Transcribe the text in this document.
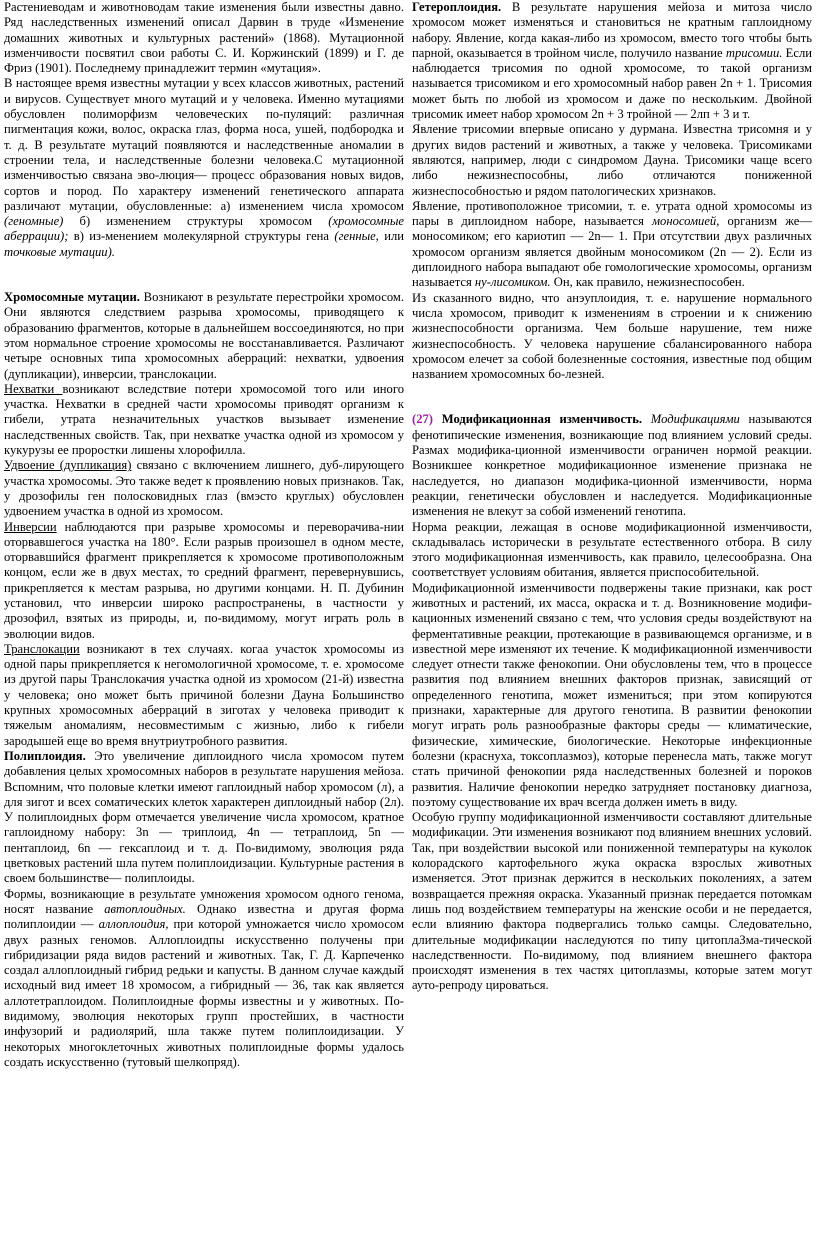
Растениеводам и животноводам такие изменения были известны давно. Ряд наследственных изменений описал Дарвин в труде «Изменение домашних животных и культурных растений» (1868). Мутационной изменчивости посвятил свои работы С. И. Коржинский (1899) и Г. де Фриз (1901). Последнему принадлежит термин «мутация».

В настоящее время известны мутации у всех классов животных, растений и вирусов. Существует много мутаций и у человека. Именно мутациями обусловлен полиморфизм человеческих по-пуляций: различная пигментация кожи, волос, окраска глаз, форма носа, ушей, подбородка и т. д. В результате мутаций появляются и наследственные аномалии в строении тела, и наследственные болезни человека.С мутационной изменчивостью связана эво-люция— процесс образования новых видов, сортов и пород. По характеру изменений генетического аппарата различают мутации, обусловленные: а) изменением числа хромосом (геномные) б) изменением структуры хромосом (хромосомные аберрации); в) из-менением молекулярной структуры гена (генные, или точковые мутации).

Хромосомные мутации. Возникают в результате перестройки хромосом. Они являются следствием разрыва хромосомы, приводящего к образованию фрагментов, которые в дальнейшем воссоединяются, но при этом нормальное строение хромосомы не восстанавливается. Различают четыре основных типа хромосомных аберраций: нехватки, удвоения (дупликации), инверсии, транслокации.

Нехватки возникают вследствие потери хромосомой того или иного участка. Нехватки в средней части хромосомы приводят организм к гибели, утрата незначительных участков вызывает изменение наследственных свойств. Так, при нехватке участка одной из хромосом у кукурузы ее проростки лишены хлорофилла.

Удвоение (дупликация) связано с включением лишнего, дуб-лирующего участка хромосомы. Это также ведет к проявлению новых признаков. Так, у дрозофилы ген полосковидных глаз (вмэсто круглых) обусловлен удвоением участка в одной из хромосом.

Инверсии наблюдаются при разрыве хромосомы и переворачива-нии оторвавшегося участка на 180°. Если разрыв произошел в одном месте, оторвавшийся фрагмент прикрепляется к хромосоме противоположным концом, если же в двух местах, то средний фрагмент, перевернувшись, прикрепляется к местам разрыва, но другими концами. Н. П. Дубинин установил, что инверсии широко распространены, в частности у дрозофил, взятых из природы, и, по-видимому, могут играть роль в эволюции видов.

Транслокации возникают в тех случаях. когаа участок хромосомы из одной пары прикрепляется к негомологичной хромосоме, т. е. хромосоме из другой пары Транслокачия участка одной из хромосом (21-й) известна у человека; оно может быть причиной болезни Дауна Большинство крупных хромосомных аберраций в зиготах у человека приводит к тяжелым аномалиям, несовместимым с жизнью, либо к гибели зародышей еще во время внутриутробного развития.

Полиплоидия. Это увеличение диплоидного числа хромосом путем добавления целых хромосомных наборов в результате нарушения мейоза. Вспомним, что половые клетки имеют гаплоидный набор хромосом (л), а для зигот и всех соматических клеток характерен диплоидный набор (2л). У полиплоидных форм отмечается увеличение числа хромосом, кратное гаплоидному набору: 3n — триплоид, 4n — тетраплоид, 5n — пентаплоид, 6n — гексаплоид и т. д. По-видимому, эволюция ряда цветковых растений шла путем полиплоидизации. Культурные растения в своем большинстве— полиплоиды.

Формы, возникающие в результате умножения хромосом одного генома, носят название автоплоидных. Однако известна и другая форма полиплоидии — аллоплоидия, при которой умножается число хромосом двух разных геномов. Аллоплоидпы искусственно получены при гибридизации ряда видов растений и животных. Так, Г. Д. Карпеченко создал аллоплоидный гибрид редьки и капусты. В данном случае каждый исходный вид имеет 18 хромосом, а гибридный — 36, так как является аллотетраплоидом. Полиплоидные формы известны и у животных. По-видимому, эволюция некоторых групп простейших, в частности инфузорий и радиолярий, шла также путем полиплоидизации. У некоторых многоклеточных животных полиплоидные формы удалось создать искусственно (тутовый шелкопряд).

Гетероплоидия. В результате нарушения мейоза и митоза число хромосом может изменяться и становиться не кратным гаплоидному набору. Явление, когда какая-либо из хромосом, вместо того чтобы быть парной, оказывается в тройном числе, получило название трисомии. Если наблюдается трисомия по одной хромосоме, то такой организм называется трисомиком и его хромосомный набор равен 2n + 1. Трисомия может быть по любой из хромосом и даже по нескольким. Двойной трисомик имеет набор хромосом 2n + 3 тройной — 2лп + 3 и т.

Явление трисомии впервые описано у дурмана. Известна трисомня и у других видов растений и животных, а также у человека. Трисомиками являются, например, люди с синдромом Дауна. Трисомики чаще всего либо нежизнеспособны, либо отличаются пониженной жизнеспособностью и рядом патологических хризнаков.

Явление, противоположное трисомии, т. е. утрата одной хромосомы из пары в диплоидном наборе, называется моносомией, организм же—моносомиком; его кариотип — 2n— 1. При отсутствии двух различных хромосом организм является двойным моносомиком (2n — 2). Если из диплоидного набора выпадают обе гомологические хромосомы, организм называется ну-лисомиком. Он, как правило, нежизнеспособен.

Из сказанного видно, что анэуплоидия, т. е. нарушение нормального числа хромосом, приводит к изменениям в строении и к снижению жизнеспособности организма. Чем больше нарушение, тем ниже жизнеспособность. У человека нарушение сбалансированного набора хромосом елечет за собой болезненные состояния, известные под общим названием хромосомных бо-лезней.

(27) Модификационная изменчивость. Модификациями называются фенотипические изменения, возникающие под влиянием условий среды. Размах модифика-ционной изменчивости ограничен нормой реакции. Возникшее конкретное модификационное изменение признака не наследуется, но диапазон модифика-ционной изменчивости, норма реакции, генетически обусловлен и наследуется. Модификационные изменения не влекут за собой изменений генотипа.

Норма реакции, лежащая в основе модификационной изменчивости, складывалась исторически в результате естественного отбора. В силу этого модификационная изменчивость, как правило, целесообразна. Она соответствует условиям обитания, является приспособительной.

Модификационной изменчивости подвержены такие признаки, как рост животных и растений, их масса, окраска и т. д. Возникновение модифи-кационных изменений связано с тем, что условия среды воздействуют на ферментативные реакции, протекающие в развивающемся организме, и в известной мере изменяют их течение. К модификационной изменчивости следует отнести также фенокопии. Они обусловлены тем, что в процессе развития под влиянием внешних факторов признак, зависящий от определенного генотипа, может измениться; при этом копируются признаки, характерные для другого генотипа. В развитии фенокопии могут играть роль разнообразные факторы среды — климатические, физические, химические, биологические. Некоторые инфекционные болезни (краснуха, токсоплазмоз), которые перенесла мать, также могут стать причиной фенокопии ряда наследственных болезней и пороков развития. Наличие фенокопии нередко затрудняет постановку диагноза, поэтому существование их врач всегда должен иметь в виду.

Особую группу модификационной изменчивости составляют длительные модификации. Эти изменения возникают под влиянием внешних условий. Так, при воздействии высокой или пониженной температуры на куколок колорадского картофельного жука окраска взрослых животных изменяется. Этот признак держится в нескольких поколениях, а затем возвращается прежняя окраска. Указанный признак передается потомкам лишь под воздействием температуры на женские особи и не передается, если влиянию фактора подвергались только самцы. Следовательно, длительные модификации наследуются по типу цитоплаЗма-тической наследственности. По-видимому, под влиянием внешнего фактора происходят изменения в тех частях цитоплазмы, которые затем могут ауто-репроду цироваться.
